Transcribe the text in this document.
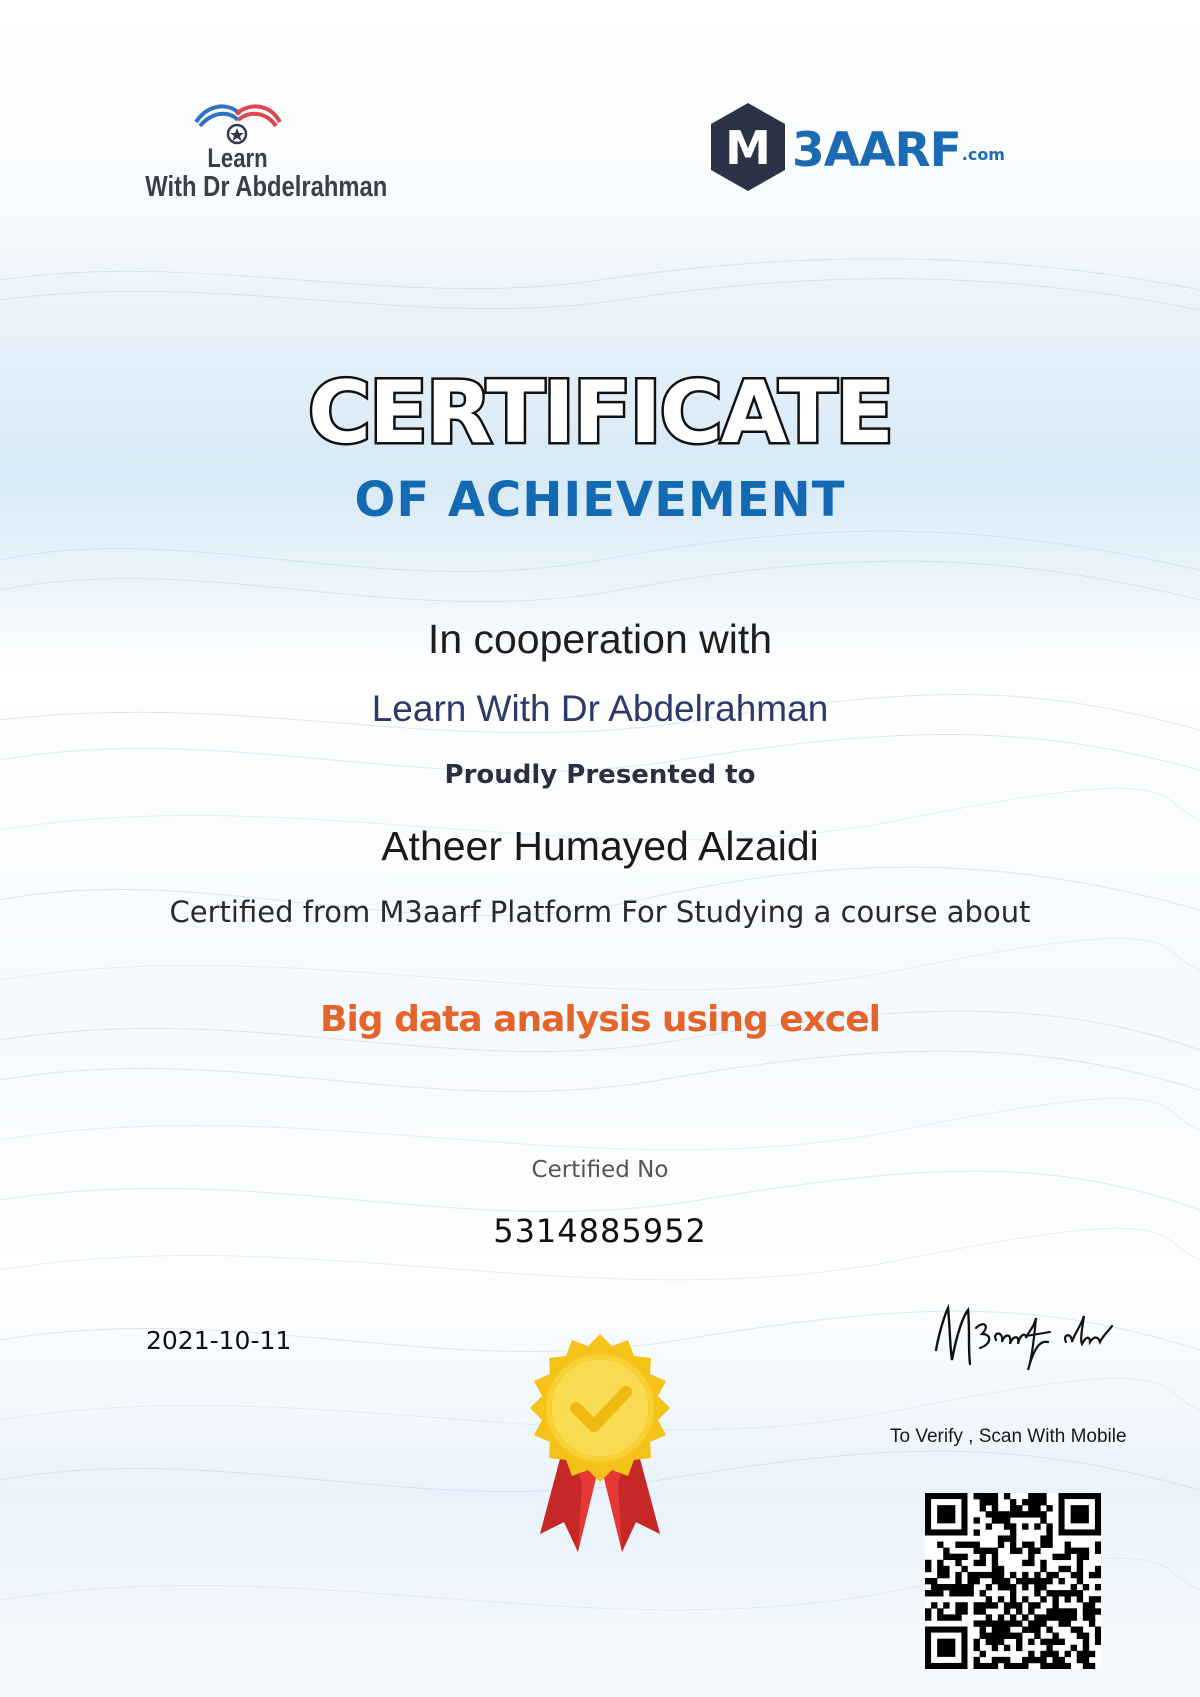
Learn
With Dr Abdelrahman
M 3AARF .com
CERTIFICATE
OF ACHIEVEMENT
In cooperation with
Learn With Dr Abdelrahman
Proudly Presented to
Atheer Humayed Alzaidi
Certified from M3aarf Platform For Studying a course about
Big data analysis using excel
Certified No
5314885952
2021-10-11
To Verify , Scan With Mobile
